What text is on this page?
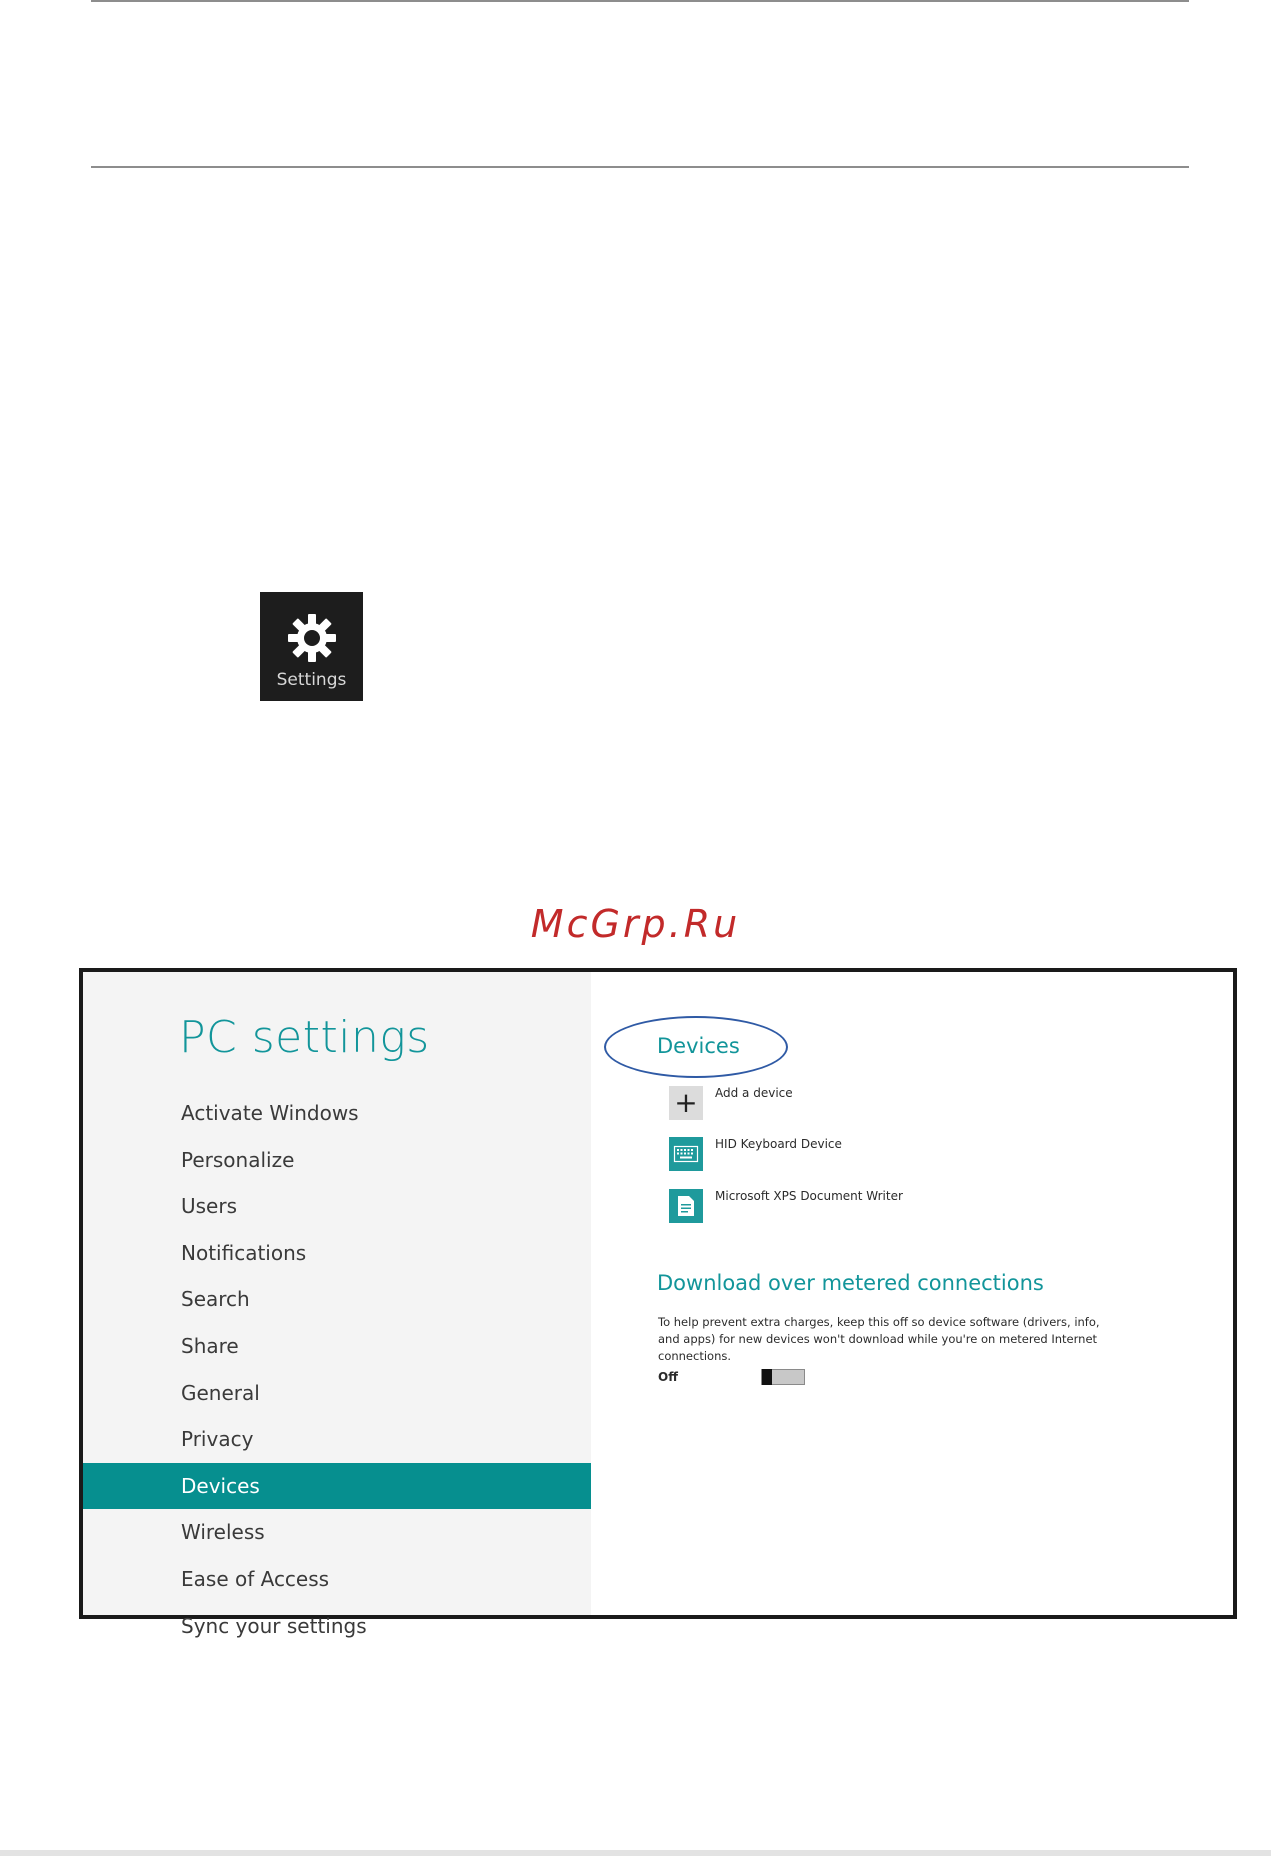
Settings
McGrp.Ru
PC settings
Activate Windows
Personalize
Users
Notifications
Search
Share
General
Privacy
Devices
Wireless
Ease of Access
Sync your settings
Devices
+	Add a device
HID Keyboard Device
Microsoft XPS Document Writer
Download over metered connections
To help prevent extra charges, keep this off so device software (drivers, info, and apps) for new devices won't download while you're on metered Internet connections.
Off
